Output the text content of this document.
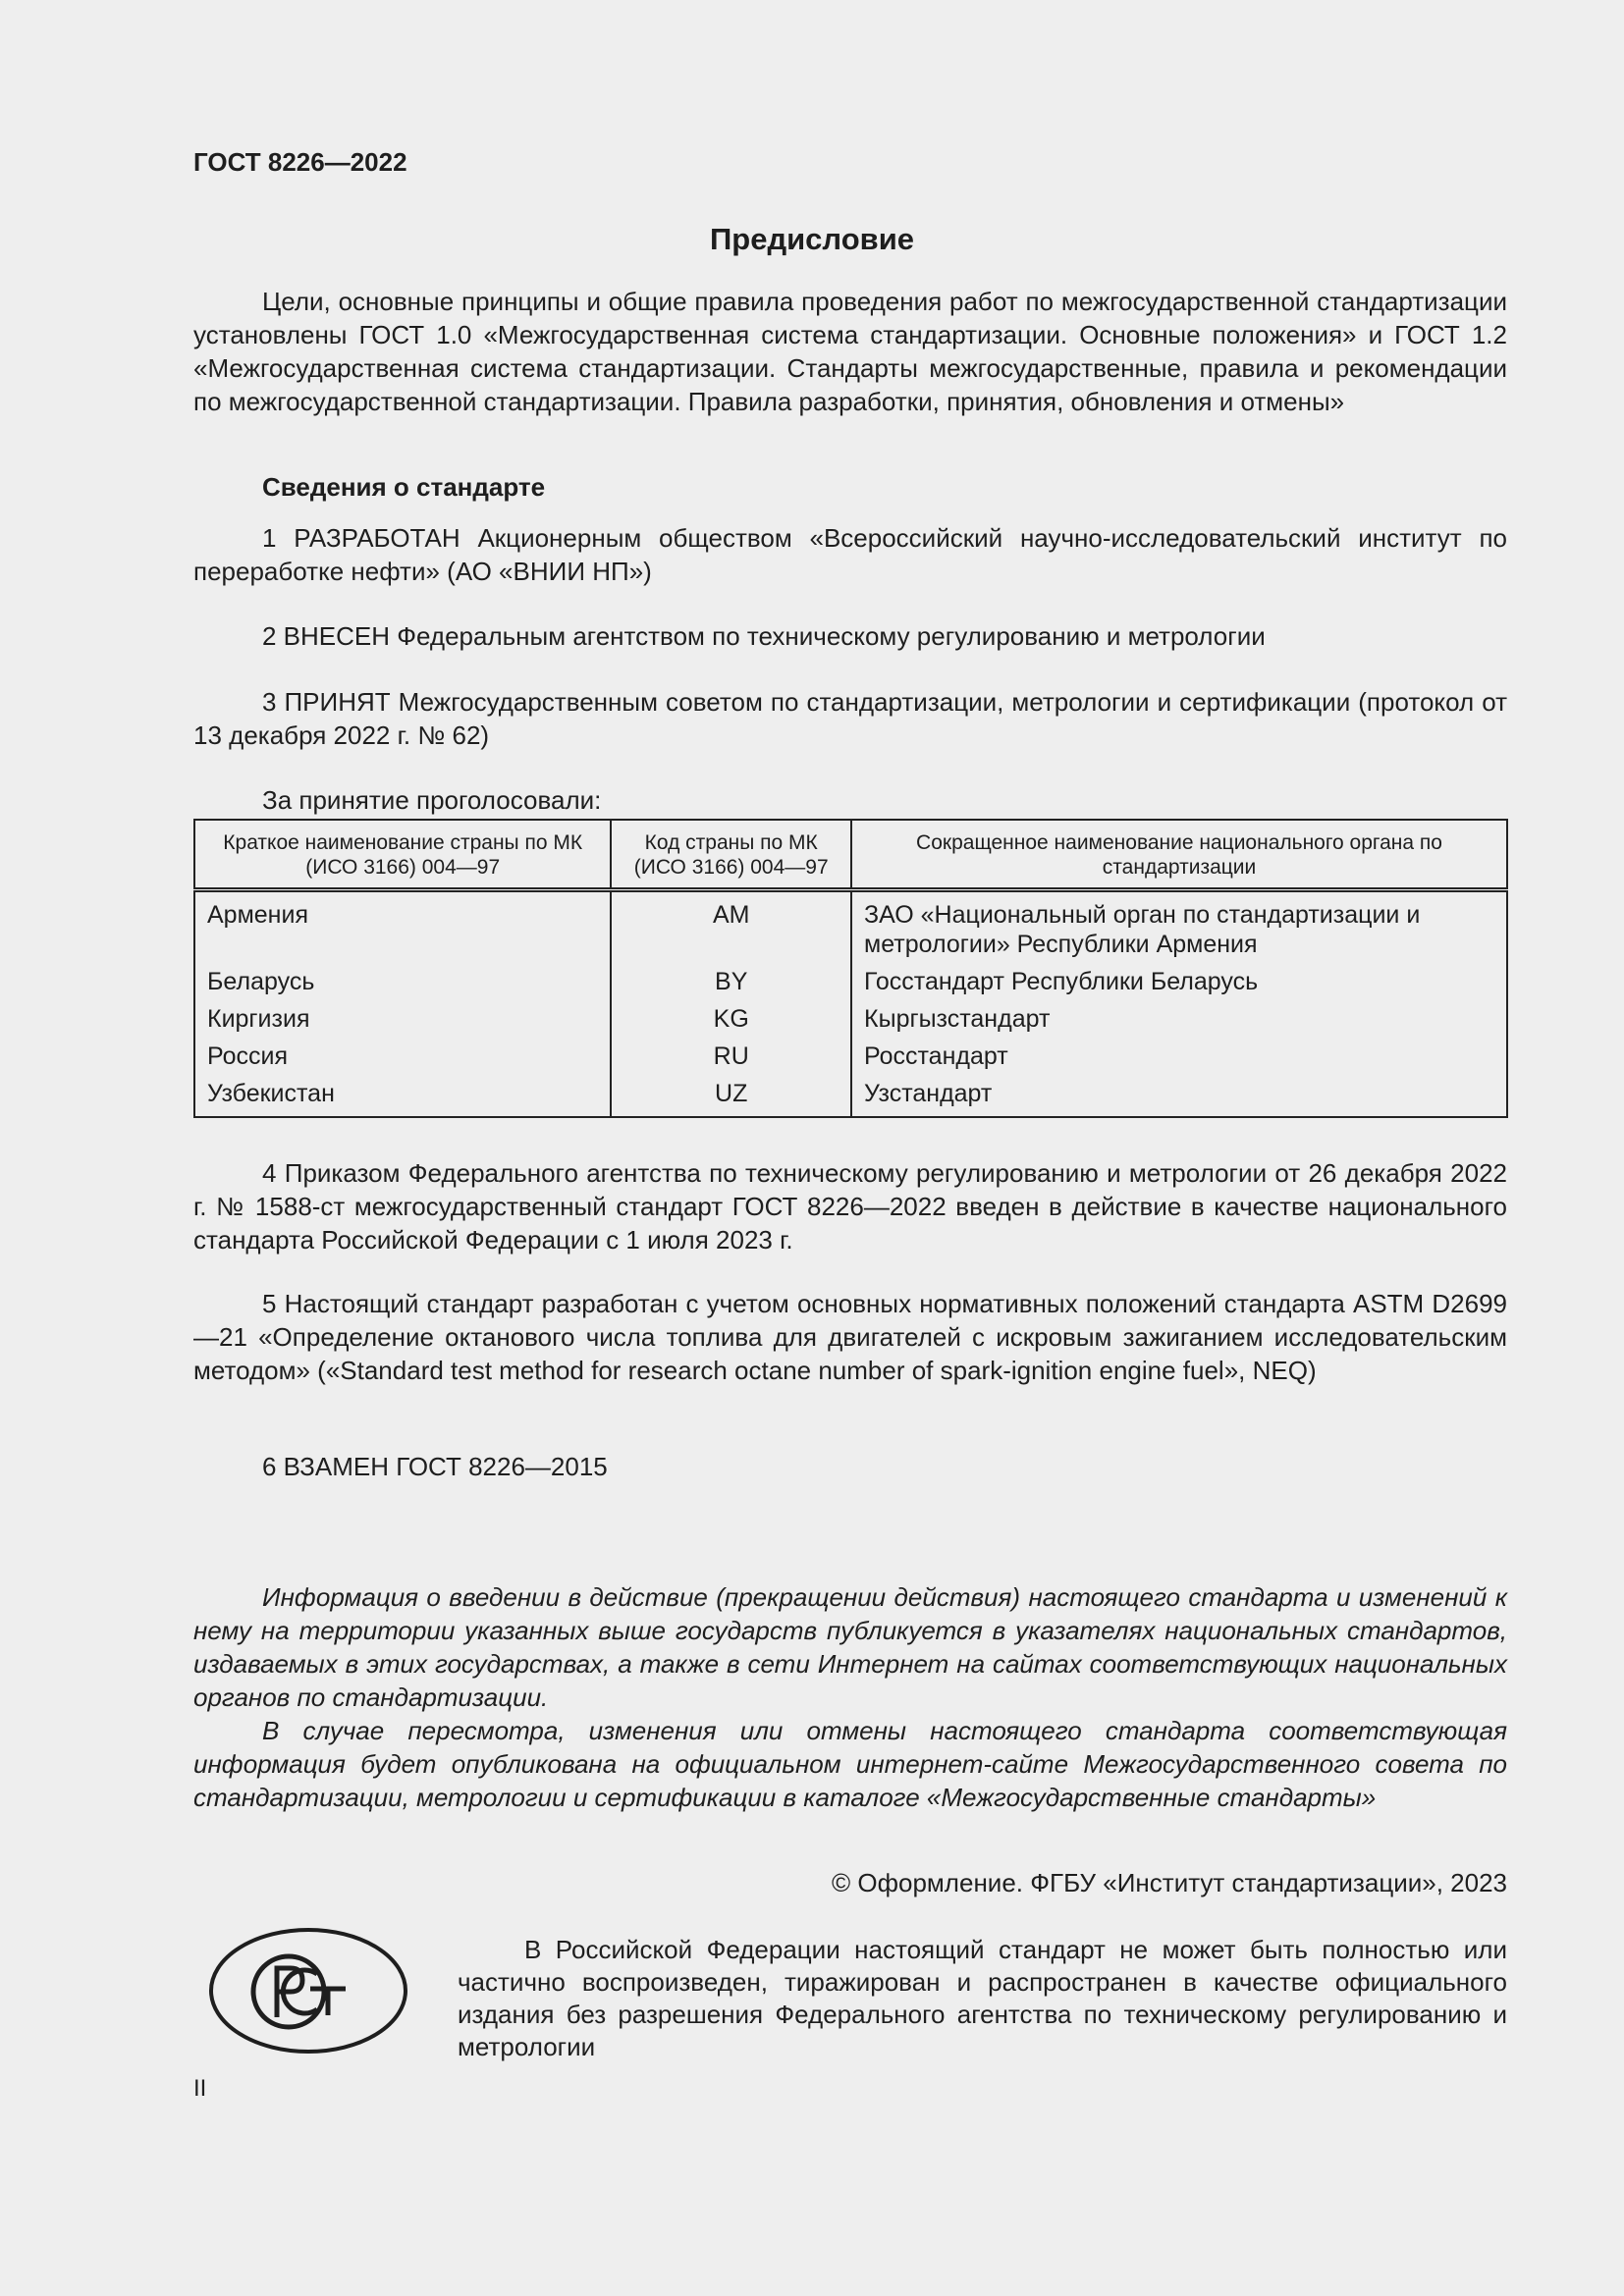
ГОСТ 8226—2022
Предисловие

Цели, основные принципы и общие правила проведения работ по межгосударственной стандартизации установлены ГОСТ 1.0 «Межгосударственная система стандартизации. Основные положения» и ГОСТ 1.2 «Межгосударственная система стандартизации. Стандарты межгосударственные, правила и рекомендации по межгосударственной стандартизации. Правила разработки, принятия, обновления и отмены»

Сведения о стандарте

1 РАЗРАБОТАН Акционерным обществом «Всероссийский научно-исследовательский институт по переработке нефти» (АО «ВНИИ НП»)

2 ВНЕСЕН Федеральным агентством по техническому регулированию и метрологии

3 ПРИНЯТ Межгосударственным советом по стандартизации, метрологии и сертификации (протокол от 13 декабря 2022 г. № 62)

За принятие проголосовали:
Краткое наименование страны по МК (ИСО 3166) 004—97	Код страны по МК (ИСО 3166) 004—97	Сокращенное наименование национального органа по стандартизации
Армения	AM	ЗАО «Национальный орган по стандартизации и метрологии» Республики Армения
Беларусь	BY	Госстандарт Республики Беларусь
Киргизия	KG	Кыргызстандарт
Россия	RU	Росстандарт
Узбекистан	UZ	Узстандарт

4 Приказом Федерального агентства по техническому регулированию и метрологии от 26 декабря 2022 г. № 1588-ст межгосударственный стандарт ГОСТ 8226—2022 введен в действие в качестве национального стандарта Российской Федерации с 1 июля 2023 г.

5 Настоящий стандарт разработан с учетом основных нормативных положений стандарта ASTM D2699—21 «Определение октанового числа топлива для двигателей с искровым зажиганием исследовательским методом» («Standard test method for research octane number of spark-ignition engine fuel», NEQ)

6 ВЗАМЕН ГОСТ 8226—2015

Информация о введении в действие (прекращении действия) настоящего стандарта и изменений к нему на территории указанных выше государств публикуется в указателях национальных стандартов, издаваемых в этих государствах, а также в сети Интернет на сайтах соответствующих национальных органов по стандартизации.

В случае пересмотра, изменения или отмены настоящего стандарта соответствующая информация будет опубликована на официальном интернет-сайте Межгосударственного совета по стандартизации, метрологии и сертификации в каталоге «Межгосударственные стандарты»

© Оформление. ФГБУ «Институт стандартизации», 2023

В Российской Федерации настоящий стандарт не может быть полностью или частично воспроизведен, тиражирован и распространен в качестве официального издания без разрешения Федерального агентства по техническому регулированию и метрологии

II
